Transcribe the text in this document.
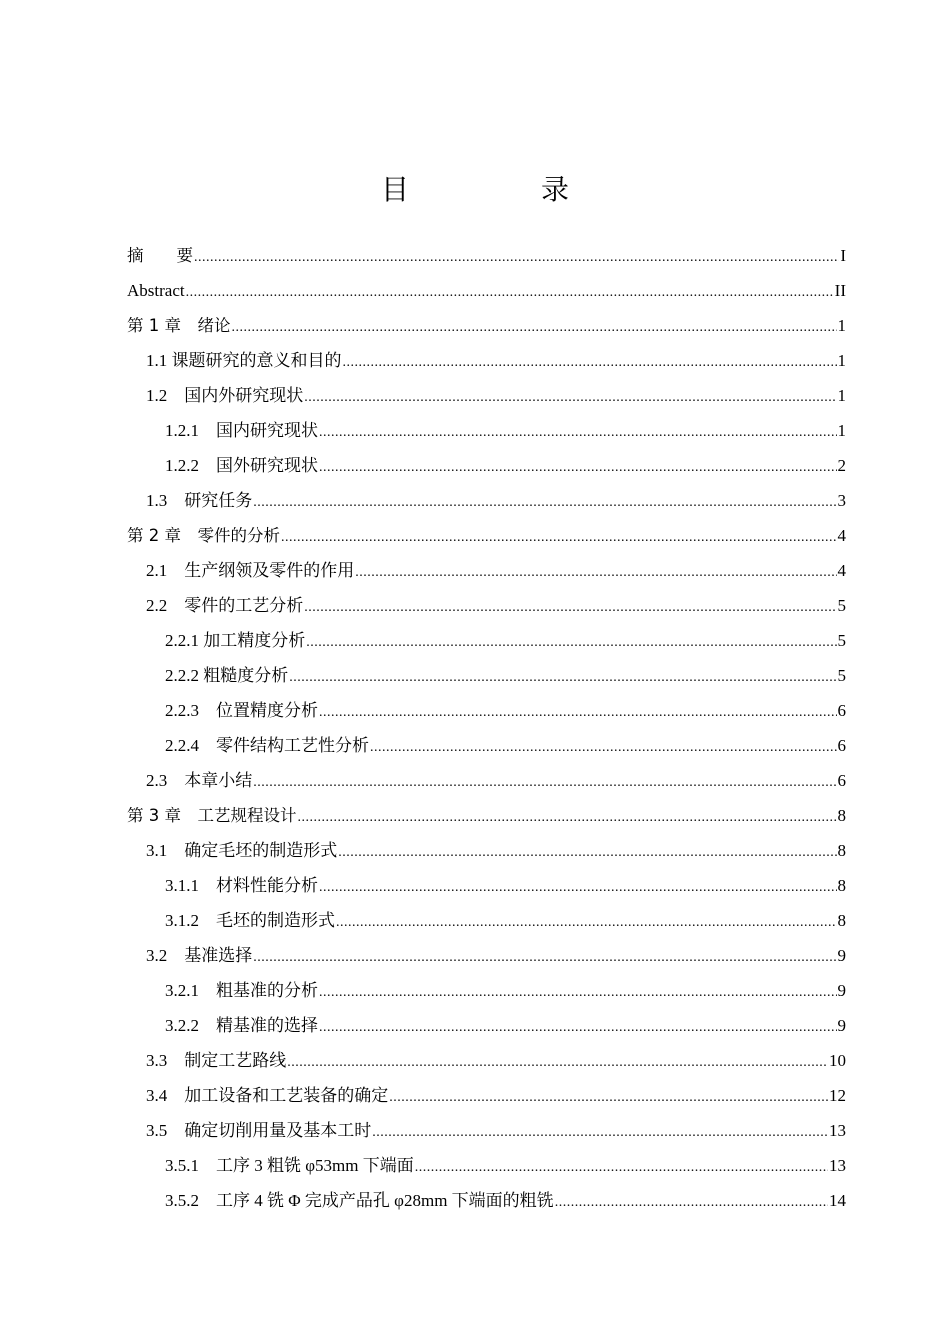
目　录
摘　　要 .....	I
Abstract .....	II
第 1 章　绪论 .....	1
1.1 课题研究的意义和目的 .....	1
1.2　国内外研究现状 .....	1
1.2.1　国内研究现状 .....	1
1.2.2　国外研究现状 .....	2
1.3　研究任务 .....	3
第 2 章　零件的分析 .....	4
2.1　生产纲领及零件的作用 .....	4
2.2　零件的工艺分析 .....	5
2.2.1 加工精度分析 .....	5
2.2.2 粗糙度分析 .....	5
2.2.3　位置精度分析 .....	6
2.2.4　零件结构工艺性分析 .....	6
2.3　本章小结 .....	6
第 3 章　工艺规程设计 .....	8
3.1　确定毛坯的制造形式 .....	8
3.1.1　材料性能分析 .....	8
3.1.2　毛坯的制造形式 .....	8
3.2　基准选择 .....	9
3.2.1　粗基准的分析 .....	9
3.2.2　精基准的选择 .....	9
3.3　制定工艺路线 .....	10
3.4　加工设备和工艺装备的确定 .....	12
3.5　确定切削用量及基本工时 .....	13
3.5.1　工序 3 粗铣 φ53mm 下端面 .....	13
3.5.2　工序 4 铣 Φ 完成产品孔 φ28mm 下端面的粗铣 .....	14
